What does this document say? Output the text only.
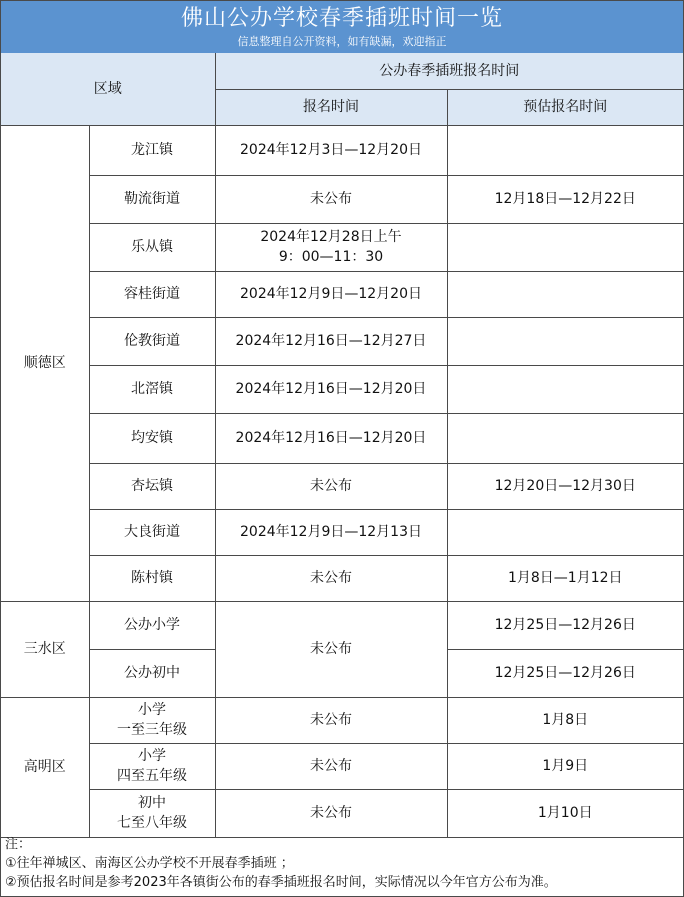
佛山公办学校春季插班时间一览
信息整理自公开资料，如有缺漏，欢迎指正
区域		公办春季插班报名时间	
		报名时间	预估报名时间
顺德区	龙江镇	2024年12月3日—12月20日	
	勒流街道	未公布	12月18日—12月22日
	乐从镇	2024年12月28日上午
9：00—11：30	

	容桂街道	2024年12月9日—12月20日	
	伦教街道	2024年12月16日—12月27日	
	北滘镇	2024年12月16日—12月20日	
	均安镇	2024年12月16日—12月20日	
	杏坛镇	未公布	12月20日—12月30日
	大良街道	2024年12月9日—12月13日	
	陈村镇	未公布	1月8日—1月12日
三水区	公办小学	未公布	12月25日—12月26日
	公办初中		12月25日—12月26日
高明区	小学
一至三年级	未公布	1月8日

	小学
四至五年级	未公布	1月9日

	初中
七至八年级	未公布	1月10日
注：
①往年禅城区、南海区公办学校不开展春季插班 ；
②预估报名时间是参考2023年各镇街公布的春季插班报名时间，实际情况以今年官方公布为准。
